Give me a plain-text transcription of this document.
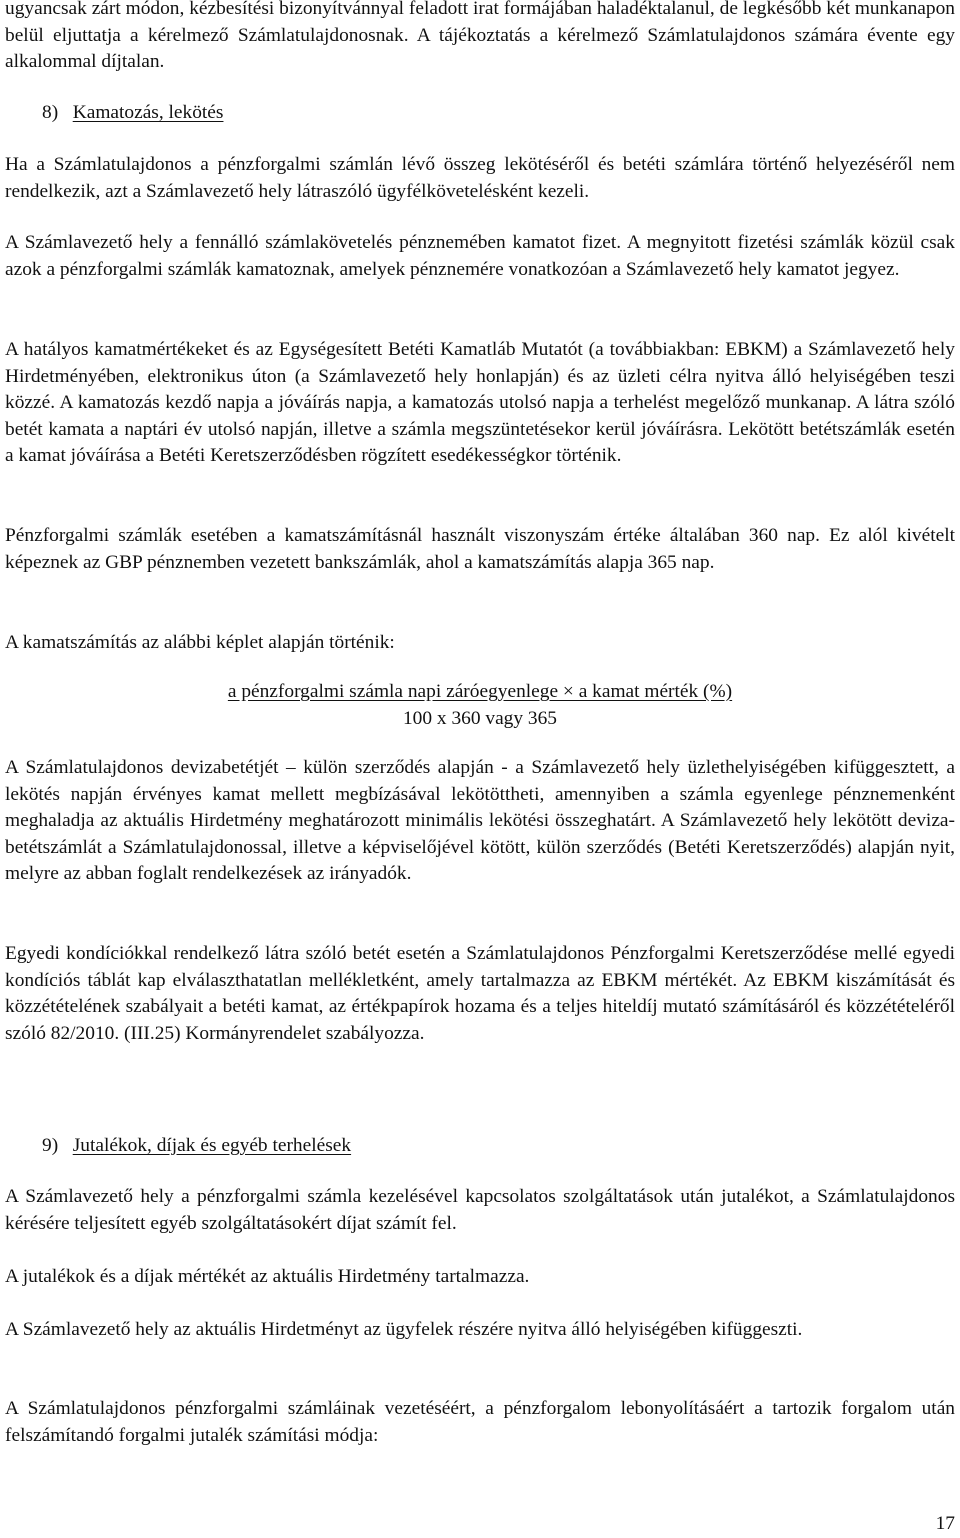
ugyancsak zárt módon, kézbesítési bizonyítvánnyal feladott irat formájában haladéktalanul, de legkésőbb két munkanapon belül eljuttatja a kérelmező Számlatulajdonosnak. A tájékoztatás a kérelmező Számlatulajdonos számára évente egy alkalommal díjtalan.

8) Kamatozás, lekötés

Ha a Számlatulajdonos a pénzforgalmi számlán lévő összeg lekötéséről és betéti számlára történő helyezéséről nem rendelkezik, azt a Számlavezető hely látraszóló ügyfélkövetelésként kezeli.

A Számlavezető hely a fennálló számlakövetelés pénznemében kamatot fizet. A megnyitott fizetési számlák közül csak azok a pénzforgalmi számlák kamatoznak, amelyek pénznemére vonatkozóan a Számlavezető hely kamatot jegyez.

A hatályos kamatmértékeket és az Egységesített Betéti Kamatláb Mutatót (a továbbiakban: EBKM) a Számlavezető hely Hirdetményében, elektronikus úton (a Számlavezető hely honlapján) és az üzleti célra nyitva álló helyiségében teszi közzé. A kamatozás kezdő napja a jóváírás napja, a kamatozás utolsó napja a terhelést megelőző munkanap. A látra szóló betét kamata a naptári év utolsó napján, illetve a számla megszüntetésekor kerül jóváírásra. Lekötött betétszámlák esetén a kamat jóváírása a Betéti Keretszerződésben rögzített esedékességkor történik.

Pénzforgalmi számlák esetében a kamatszámításnál használt viszonyszám értéke általában 360 nap. Ez alól kivételt képeznek az GBP pénznemben vezetett bankszámlák, ahol a kamatszámítás alapja 365 nap.

A kamatszámítás az alábbi képlet alapján történik:

a pénzforgalmi számla napi záróegyenlege × a kamat mérték (%)
100 x 360 vagy 365

A Számlatulajdonos devizabetétjét – külön szerződés alapján - a Számlavezető hely üzlethelyiségében kifüggesztett, a lekötés napján érvényes kamat mellett megbízásával lekötöttheti, amennyiben a számla egyenlege pénznemenként meghaladja az aktuális Hirdetmény meghatározott minimális lekötési összeghatárt. A Számlavezető hely lekötött deviza-betétszámlát a Számlatulajdonossal, illetve a képviselőjével kötött, külön szerződés (Betéti Keretszerződés) alapján nyit, melyre az abban foglalt rendelkezések az irányadók.

Egyedi kondíciókkal rendelkező látra szóló betét esetén a Számlatulajdonos Pénzforgalmi Keretszerződése mellé egyedi kondíciós táblát kap elválaszthatatlan mellékletként, amely tartalmazza az EBKM mértékét. Az EBKM kiszámítását és közzétételének szabályait a betéti kamat, az értékpapírok hozama és a teljes hiteldíj mutató számításáról és közzétételéről szóló 82/2010. (III.25) Kormányrendelet szabályozza.

9) Jutalékok, díjak és egyéb terhelések

A Számlavezető hely a pénzforgalmi számla kezelésével kapcsolatos szolgáltatások után jutalékot, a Számlatulajdonos kérésére teljesített egyéb szolgáltatásokért díjat számít fel.

A jutalékok és a díjak mértékét az aktuális Hirdetmény tartalmazza.

A Számlavezető hely az aktuális Hirdetményt az ügyfelek részére nyitva álló helyiségében kifüggeszti.

A Számlatulajdonos pénzforgalmi számláinak vezetéséért, a pénzforgalom lebonyolításáért a tartozik forgalom után felszámítandó forgalmi jutalék számítási módja:

17
